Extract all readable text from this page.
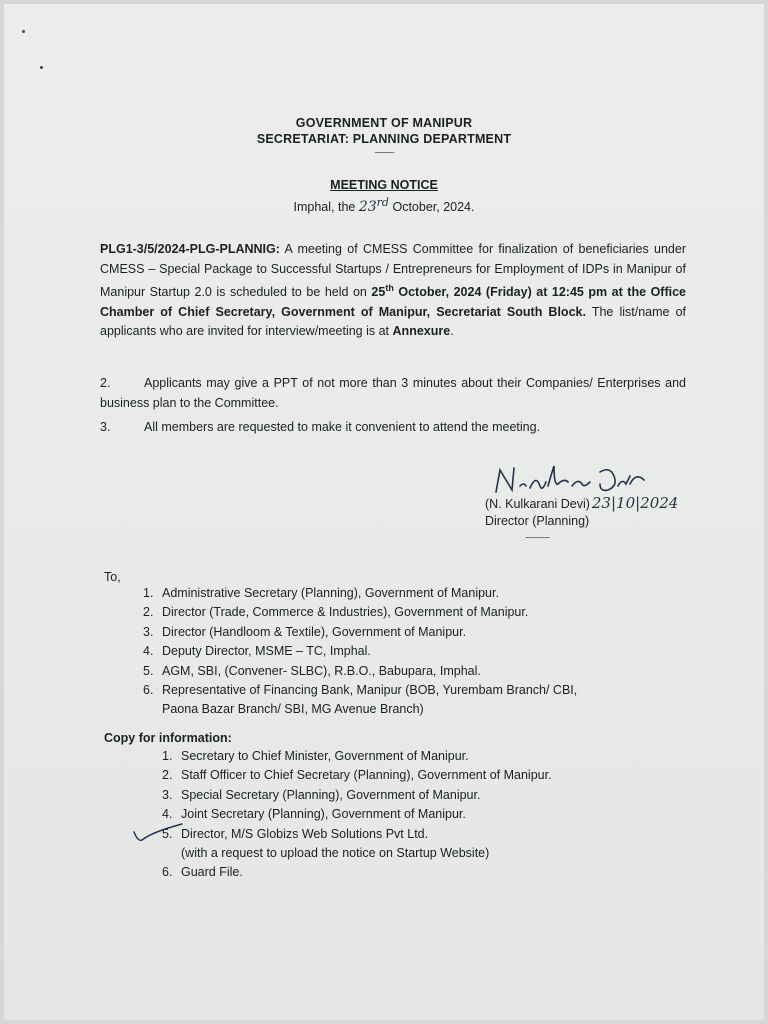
GOVERNMENT OF MANIPUR
SECRETARIAT: PLANNING DEPARTMENT
~~~~
MEETING NOTICE
Imphal, the 23rd October, 2024.
PLG1-3/5/2024-PLG-PLANNIG: A meeting of CMESS Committee for finalization of beneficiaries under CMESS – Special Package to Successful Startups / Entrepreneurs for Employment of IDPs in Manipur of Manipur Startup 2.0 is scheduled to be held on 25th October, 2024 (Friday) at 12:45 pm at the Office Chamber of Chief Secretary, Government of Manipur, Secretariat South Block. The list/name of applicants who are invited for interview/meeting is at Annexure.
2.	Applicants may give a PPT of not more than 3 minutes about their Companies/ Enterprises and business plan to the Committee.
3.	All members are requested to make it convenient to attend the meeting.
(N. Kulkarani Devi) 23|10|2024
Director (Planning)
~~~~~
To,
1. Administrative Secretary (Planning), Government of Manipur.
2. Director (Trade, Commerce & Industries), Government of Manipur.
3. Director (Handloom & Textile), Government of Manipur.
4. Deputy Director, MSME – TC, Imphal.
5. AGM, SBI, (Convener- SLBC), R.B.O., Babupara, Imphal.
6. Representative of Financing Bank, Manipur (BOB, Yurembam Branch/ CBI,
Paona Bazar Branch/ SBI, MG Avenue Branch)
Copy for information:
1. Secretary to Chief Minister, Government of Manipur.
2. Staff Officer to Chief Secretary (Planning), Government of Manipur.
3. Special Secretary (Planning), Government of Manipur.
4. Joint Secretary (Planning), Government of Manipur.
5. Director, M/S Globizs Web Solutions Pvt Ltd.
(with a request to upload the notice on Startup Website)
6. Guard File.
